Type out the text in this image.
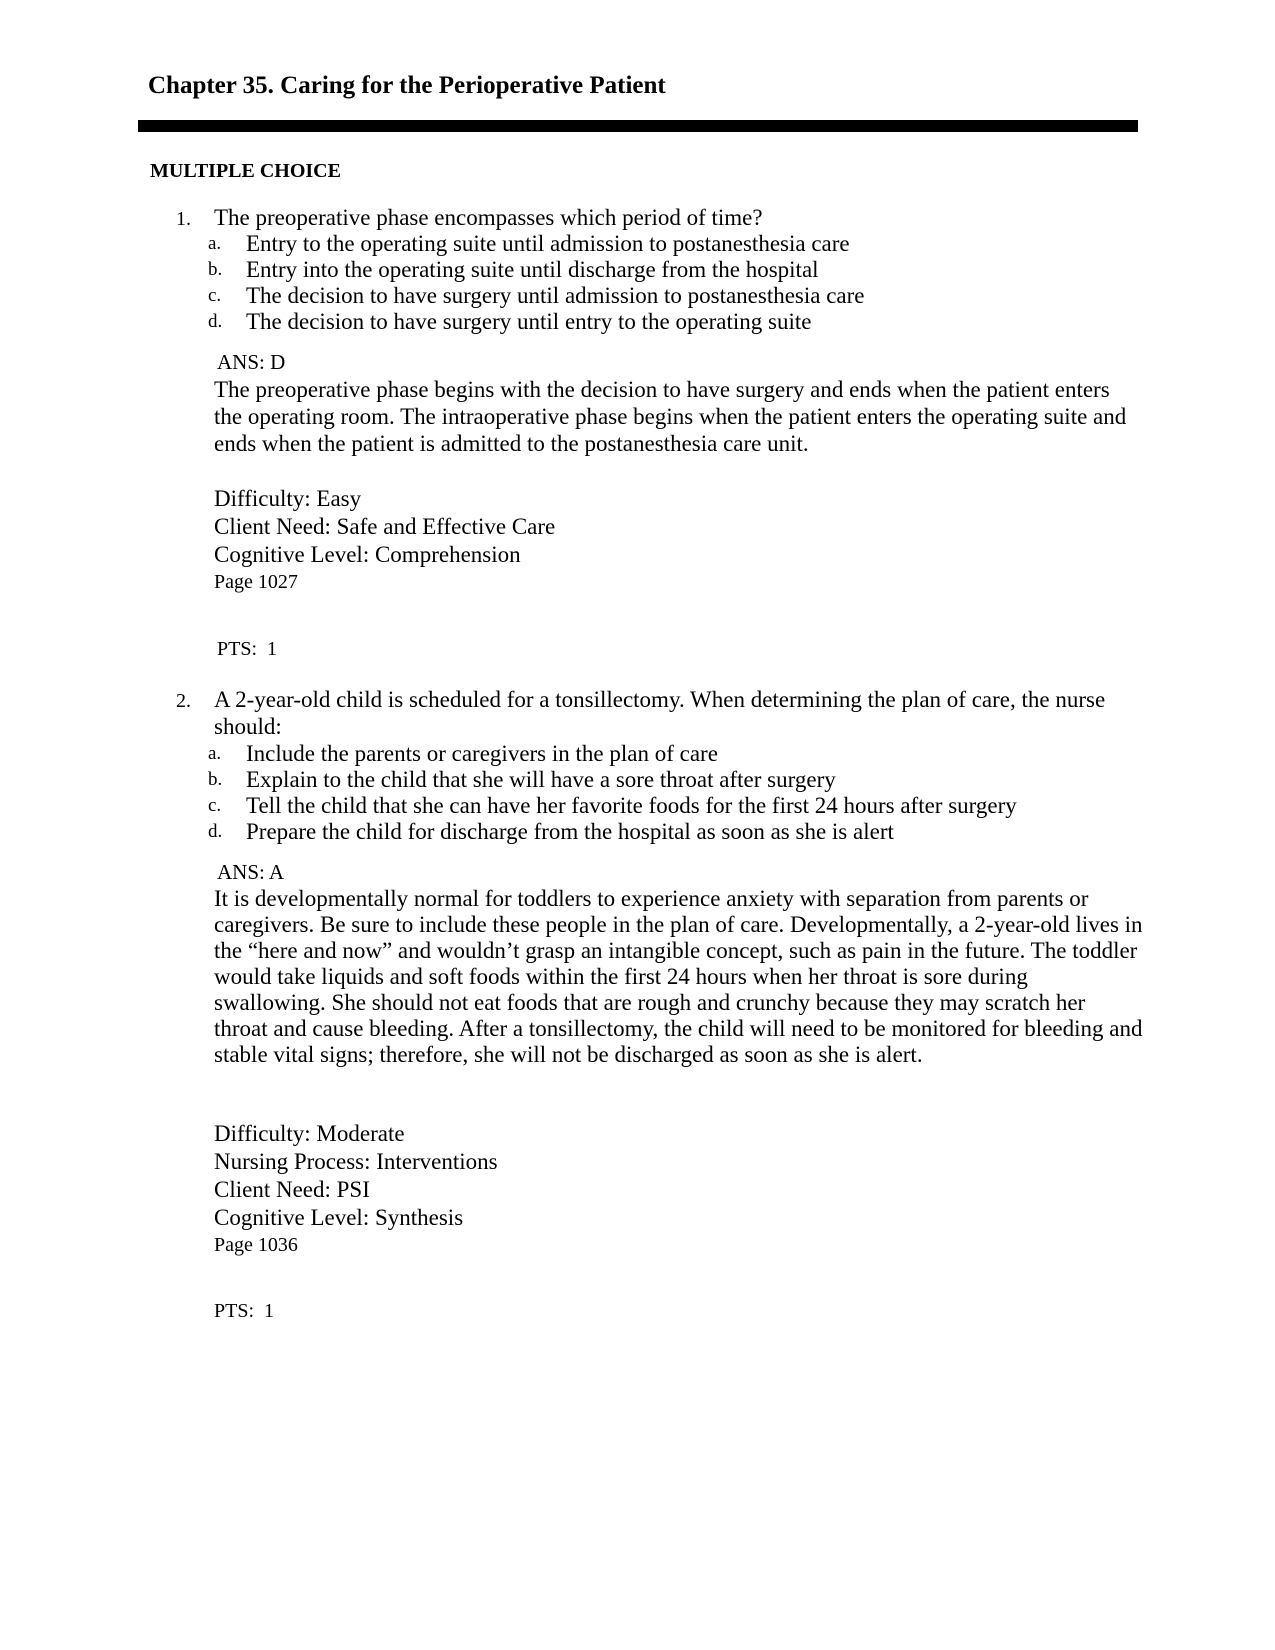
Chapter 35. Caring for the Perioperative Patient
MULTIPLE CHOICE
1. The preoperative phase encompasses which period of time?
a. Entry to the operating suite until admission to postanesthesia care
b. Entry into the operating suite until discharge from the hospital
c. The decision to have surgery until admission to postanesthesia care
d. The decision to have surgery until entry to the operating suite
ANS: D
The preoperative phase begins with the decision to have surgery and ends when the patient enters the operating room. The intraoperative phase begins when the patient enters the operating suite and ends when the patient is admitted to the postanesthesia care unit.
Difficulty: Easy
Client Need: Safe and Effective Care
Cognitive Level: Comprehension
Page 1027
PTS:  1
2. A 2-year-old child is scheduled for a tonsillectomy. When determining the plan of care, the nurse should:
a. Include the parents or caregivers in the plan of care
b. Explain to the child that she will have a sore throat after surgery
c. Tell the child that she can have her favorite foods for the first 24 hours after surgery
d. Prepare the child for discharge from the hospital as soon as she is alert
ANS: A
It is developmentally normal for toddlers to experience anxiety with separation from parents or caregivers. Be sure to include these people in the plan of care. Developmentally, a 2-year-old lives in the “here and now” and wouldn’t grasp an intangible concept, such as pain in the future. The toddler would take liquids and soft foods within the first 24 hours when her throat is sore during swallowing. She should not eat foods that are rough and crunchy because they may scratch her throat and cause bleeding. After a tonsillectomy, the child will need to be monitored for bleeding and stable vital signs; therefore, she will not be discharged as soon as she is alert.
Difficulty: Moderate
Nursing Process: Interventions
Client Need: PSI
Cognitive Level: Synthesis
Page 1036
PTS:  1
